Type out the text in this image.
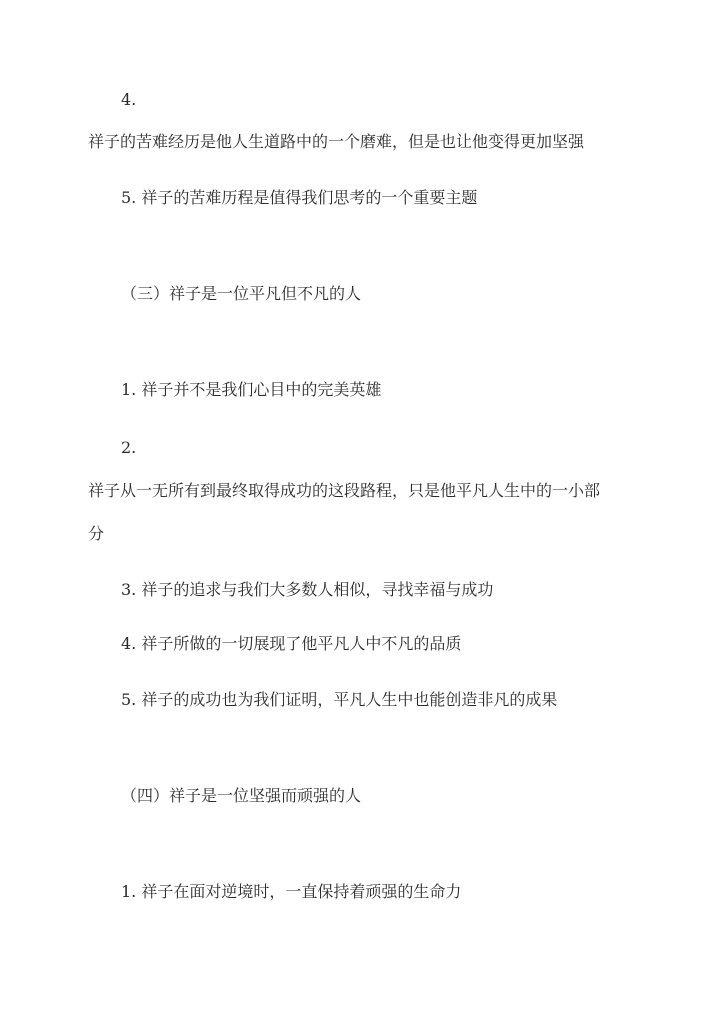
4.
祥子的苦难经历是他人生道路中的一个磨难，但是也让他变得更加坚强
5. 祥子的苦难历程是值得我们思考的一个重要主题
（三）祥子是一位平凡但不凡的人
1. 祥子并不是我们心目中的完美英雄
2.
祥子从一无所有到最终取得成功的这段路程，只是他平凡人生中的一小部
分
3. 祥子的追求与我们大多数人相似，寻找幸福与成功
4. 祥子所做的一切展现了他平凡人中不凡的品质
5. 祥子的成功也为我们证明，平凡人生中也能创造非凡的成果
（四）祥子是一位坚强而顽强的人
1. 祥子在面对逆境时，一直保持着顽强的生命力
